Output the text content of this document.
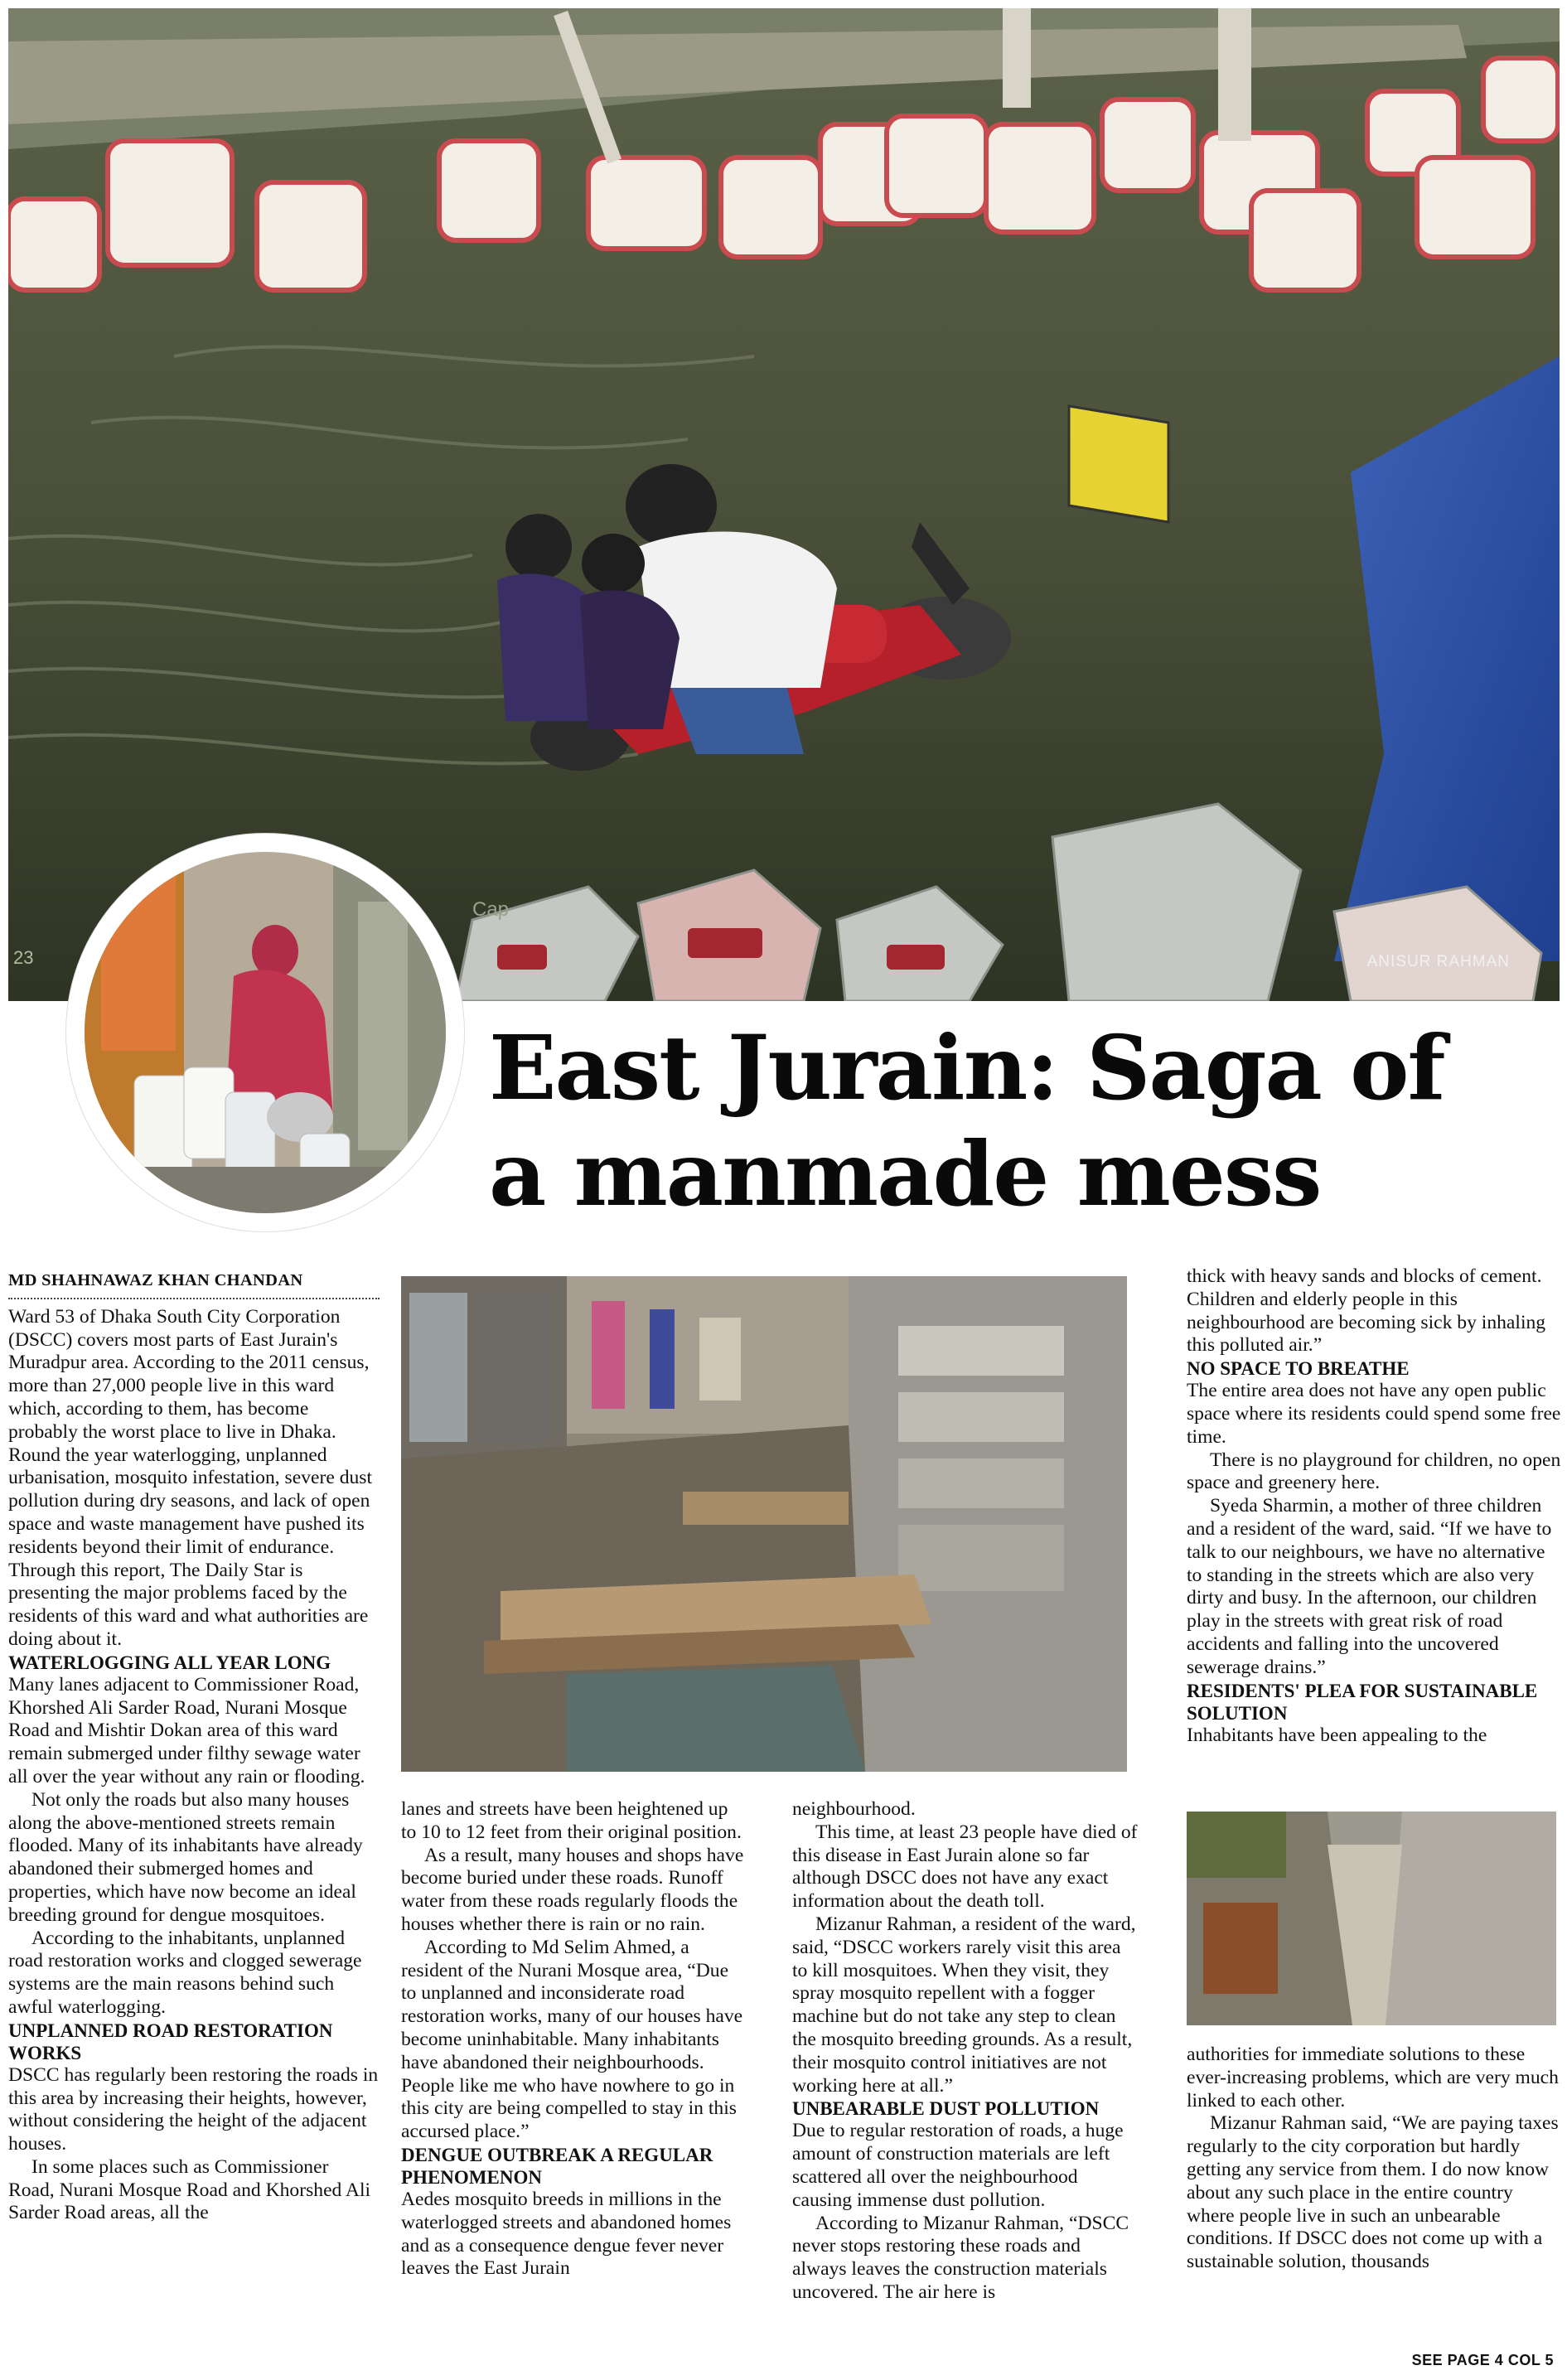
23
Cap
ANISUR RAHMAN
East Jurain: Saga of
a manmade mess
MD SHAHNAWAZ KHAN CHANDAN

Ward 53 of Dhaka South City Corporation (DSCC) covers most parts of East Jurain's Muradpur area. According to the 2011 census, more than 27,000 people live in this ward which, according to them, has become probably the worst place to live in Dhaka. Round the year waterlogging, unplanned urbanisation, mosquito infestation, severe dust pollution during dry seasons, and lack of open space and waste management have pushed its residents beyond their limit of endurance. Through this report, The Daily Star is presenting the major problems faced by the residents of this ward and what authorities are doing about it.

WATERLOGGING ALL YEAR LONG

Many lanes adjacent to Commissioner Road, Khorshed Ali Sarder Road, Nurani Mosque Road and Mishtir Dokan area of this ward remain submerged under filthy sewage water all over the year without any rain or flooding.

Not only the roads but also many houses along the above-mentioned streets remain flooded. Many of its inhabitants have already abandoned their submerged homes and properties, which have now become an ideal breeding ground for dengue mosquitoes.

According to the inhabitants, unplanned road restoration works and clogged sewerage systems are the main reasons behind such awful waterlogging.

UNPLANNED ROAD RESTORATION WORKS

DSCC has regularly been restoring the roads in this area by increasing their heights, however, without considering the height of the adjacent houses.

In some places such as Commissioner Road, Nurani Mosque Road and Khorshed Ali Sarder Road areas, all the

lanes and streets have been heightened up to 10 to 12 feet from their original position.

As a result, many houses and shops have become buried under these roads. Runoff water from these roads regularly floods the houses whether there is rain or no rain.

According to Md Selim Ahmed, a resident of the Nurani Mosque area, “Due to unplanned and inconsiderate road restoration works, many of our houses have become uninhabitable. Many inhabitants have abandoned their neighbourhoods. People like me who have nowhere to go in this city are being compelled to stay in this accursed place.”

DENGUE OUTBREAK A REGULAR PHENOMENON

Aedes mosquito breeds in millions in the waterlogged streets and abandoned homes and as a consequence dengue fever never leaves the East Jurain

neighbourhood.

This time, at least 23 people have died of this disease in East Jurain alone so far although DSCC does not have any exact information about the death toll.

Mizanur Rahman, a resident of the ward, said, “DSCC workers rarely visit this area to kill mosquitoes. When they visit, they spray mosquito repellent with a fogger machine but do not take any step to clean the mosquito breeding grounds. As a result, their mosquito control initiatives are not working here at all.”

UNBEARABLE DUST POLLUTION

Due to regular restoration of roads, a huge amount of construction materials are left scattered all over the neighbourhood causing immense dust pollution.

According to Mizanur Rahman, “DSCC never stops restoring these roads and always leaves the construction materials uncovered. The air here is

thick with heavy sands and blocks of cement. Children and elderly people in this neighbourhood are becoming sick by inhaling this polluted air.”

NO SPACE TO BREATHE

The entire area does not have any open public space where its residents could spend some free time.

There is no playground for children, no open space and greenery here.

Syeda Sharmin, a mother of three children and a resident of the ward, said. “If we have to talk to our neighbours, we have no alternative to standing in the streets which are also very dirty and busy. In the afternoon, our children play in the streets with great risk of road accidents and falling into the uncovered sewerage drains.”

RESIDENTS' PLEA FOR SUSTAINABLE SOLUTION

Inhabitants have been appealing to the

authorities for immediate solutions to these ever-increasing problems, which are very much linked to each other.

Mizanur Rahman said, “We are paying taxes regularly to the city corporation but hardly getting any service from them. I do now know about any such place in the entire country where people live in such an unbearable conditions. If DSCC does not come up with a sustainable solution, thousands

SEE PAGE 4 COL 5
